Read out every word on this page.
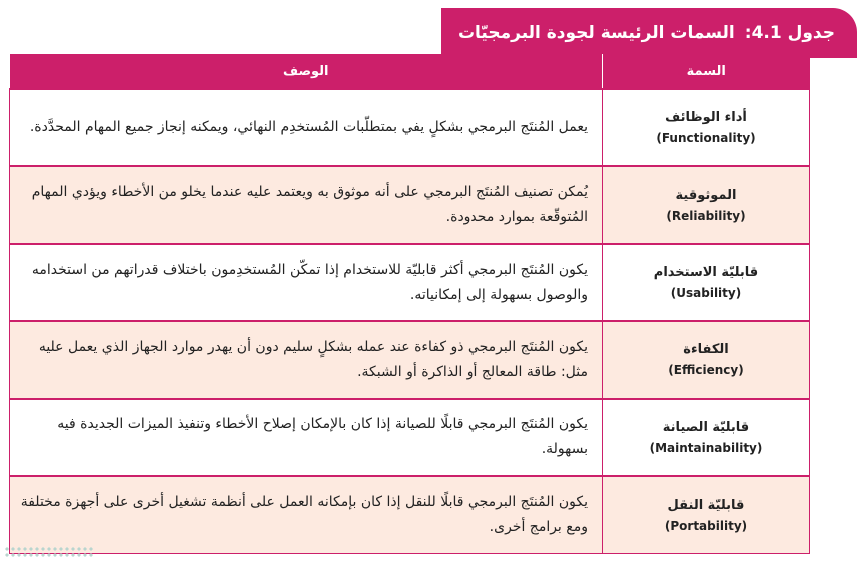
جدول 4.1:
السمات الرئيسة لجودة البرمجيّات
السمة	الوصف

أداء الوظائف
(Functionality)	يعمل المُنتَج البرمجي بشكلٍ يفي بمتطلّبات المُستخدِم النهائي، ويمكنه إنجاز جميع المهام المحدَّدة.

الموثوقية
(Reliability)	يُمكن تصنيف المُنتَج البرمجي على أنه موثوق به ويعتمد عليه عندما يخلو من الأخطاء ويؤدي المهام المُتوقّعة بموارد محدودة.

قابليّة الاستخدام
(Usability)	يكون المُنتَج البرمجي أكثر قابليّة للاستخدام إذا تمكّن المُستخدِمون باختلاف قدراتهم من استخدامه والوصول بسهولة إلى إمكانياته.

الكفاءة
(Efficiency)	يكون المُنتَج البرمجي ذو كفاءة عند عمله بشكلٍ سليم دون أن يهدر موارد الجهاز الذي يعمل عليه مثل: طاقة المعالج أو الذاكرة أو الشبكة.

قابليّة الصيانة
(Maintainability)	يكون المُنتَج البرمجي قابلًا للصيانة إذا كان بالإمكان إصلاح الأخطاء وتنفيذ الميزات الجديدة فيه بسهولة.

قابليّة النقل
(Portability)	يكون المُنتَج البرمجي قابلًا للنقل إذا كان بإمكانه العمل على أنظمة تشغيل أخرى على أجهزة مختلفة ومع برامج أخرى.
